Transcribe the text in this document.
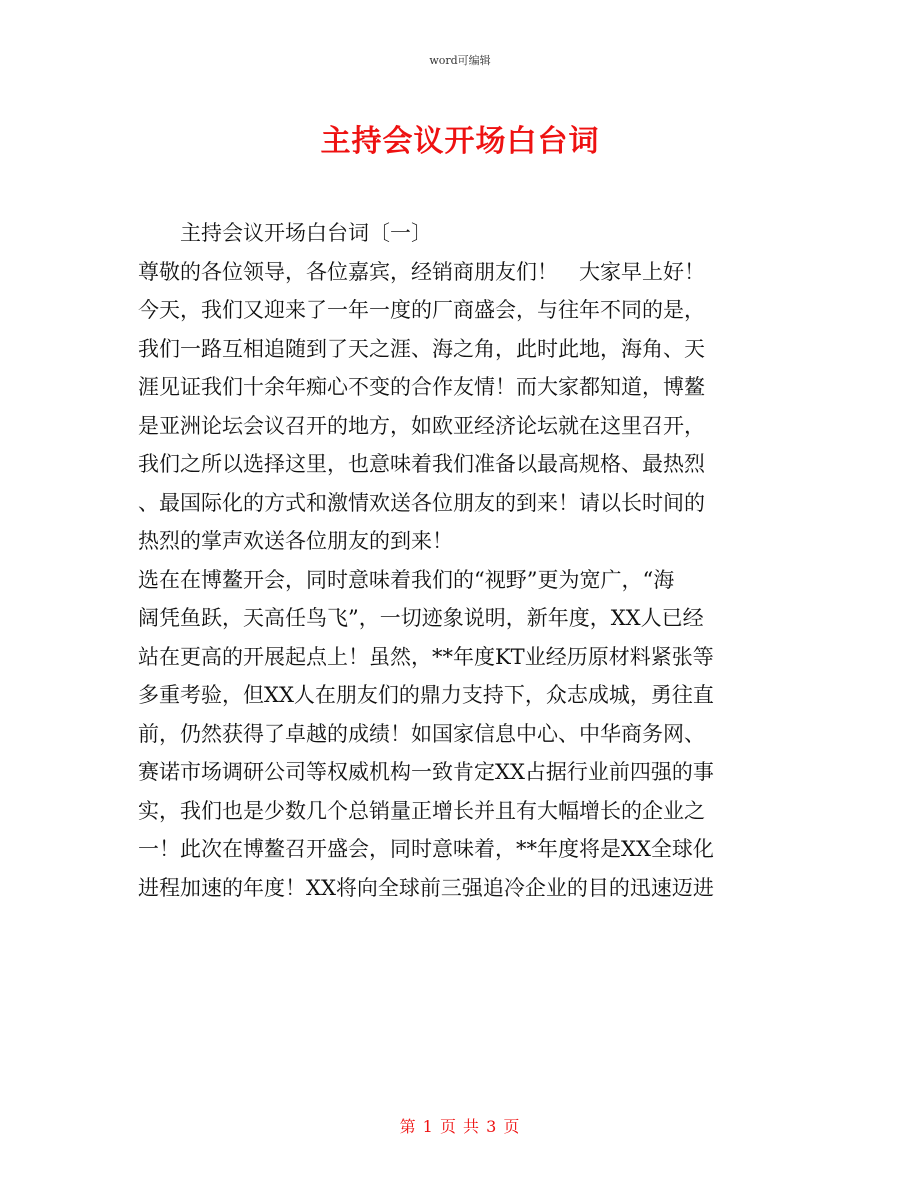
word可编辑
主持会议开场白台词
主持会议开场白台词〔一〕
尊敬的各位领导，各位嘉宾，经销商朋友们！　大家早上好！
今天，我们又迎来了一年一度的厂商盛会，与往年不同的是，
我们一路互相追随到了天之涯、海之角，此时此地，海角、天
涯见证我们十余年痴心不变的合作友情！而大家都知道，博鳌
是亚洲论坛会议召开的地方，如欧亚经济论坛就在这里召开，
我们之所以选择这里，也意味着我们准备以最高规格、最热烈
、最国际化的方式和激情欢送各位朋友的到来！请以长时间的
热烈的掌声欢送各位朋友的到来！
选在在博鳌开会，同时意味着我们的“视野”更为宽广，“海
阔凭鱼跃，天高任鸟飞”，一切迹象说明，新年度，XX人已经
站在更高的开展起点上！虽然，**年度KT业经历原材料紧张等
多重考验，但XX人在朋友们的鼎力支持下，众志成城，勇往直
前，仍然获得了卓越的成绩！如国家信息中心、中华商务网、
赛诺市场调研公司等权威机构一致肯定XX占据行业前四强的事
实，我们也是少数几个总销量正增长并且有大幅增长的企业之
一！此次在博鳌召开盛会，同时意味着，**年度将是XX全球化
进程加速的年度！XX将向全球前三强追冷企业的目的迅速迈进
第 1 页 共 3 页
